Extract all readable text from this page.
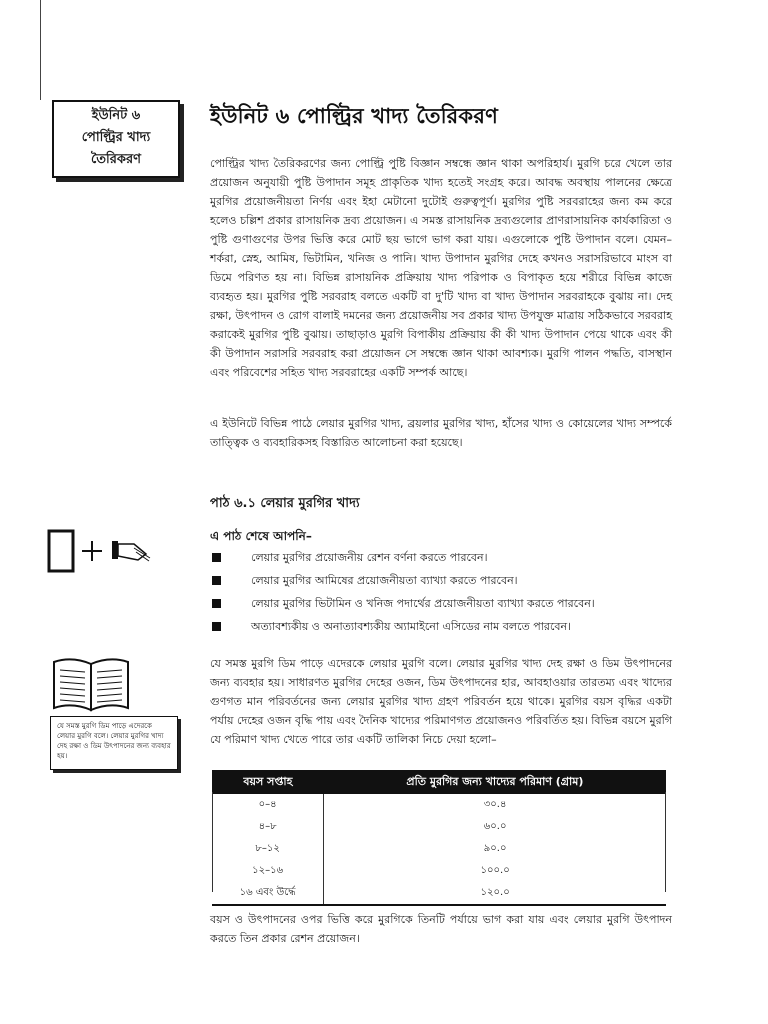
ইউনিট ৬
পোল্ট্রির খাদ্য
তৈরিকরণ
ইউনিট ৬ পোল্ট্রির খাদ্য তৈরিকরণ

পোল্ট্রির খাদ্য তৈরিকরণের জন্য পোল্ট্রি পুষ্টি বিজ্ঞান সম্বন্ধে জ্ঞান থাকা অপরিহার্য। মুরগি চরে খেলে তার প্রয়োজন অনুযায়ী পুষ্টি উপাদান সমূহ প্রাকৃতিক খাদ্য হতেই সংগ্রহ করে। আবদ্ধ অবস্থায় পালনের ক্ষেত্রে মুরগির প্রয়োজনীয়তা নির্ণয় এবং ইহা মেটানো দুটোই গুরুত্বপূর্ণ। মুরগির পুষ্টি সরবরাহের জন্য কম করে হলেও চল্লিশ প্রকার রাসায়নিক দ্রব্য প্রয়োজন। এ সমস্ত রাসায়নিক দ্রব্যগুলোর প্রাণরাসায়নিক কার্যকারিতা ও পুষ্টি গুণাগুণের উপর ভিত্তি করে মোট ছয় ভাগে ভাগ করা যায়। এগুলোকে পুষ্টি উপাদান বলে। যেমন– শর্করা, স্নেহ, আমিষ, ভিটামিন, খনিজ ও পানি। খাদ্য উপাদান মুরগির দেহে কখনও সরাসরিভাবে মাংস বা ডিমে পরিণত হয় না। বিভিন্ন রাসায়নিক প্রক্রিয়ায় খাদ্য পরিপাক ও বিপাকৃত হয়ে শরীরে বিভিন্ন কাজে ব্যবহৃত হয়। মুরগির পুষ্টি সরবরাহ বলতে একটি বা দু'টি খাদ্য বা খাদ্য উপাদান সরবরাহকে বুঝায় না। দেহ রক্ষা, উৎপাদন ও রোগ বালাই দমনের জন্য প্রয়োজনীয় সব প্রকার খাদ্য উপযুক্ত মাত্রায় সঠিকভাবে সরবরাহ করাকেই মুরগির পুষ্টি বুঝায়। তাছাড়াও মুরগি বিপাকীয় প্রক্রিয়ায় কী কী খাদ্য উপাদান পেয়ে থাকে এবং কী কী উপাদান সরাসরি সরবরাহ করা প্রয়োজন সে সম্বন্ধে জ্ঞান থাকা আবশ্যক। মুরগি পালন পদ্ধতি, বাসস্থান এবং পরিবেশের সহিত খাদ্য সরবরাহের একটি সম্পর্ক আছে।

এ ইউনিটে বিভিন্ন পাঠে লেয়ার মুরগির খাদ্য, ব্রয়লার মুরগির খাদ্য, হাঁসের খাদ্য ও কোয়েলের খাদ্য সম্পর্কে তাত্ত্বিক ও ব্যবহারিকসহ বিস্তারিত আলোচনা করা হয়েছে।

পাঠ ৬.১ লেয়ার মুরগির খাদ্য
এ পাঠ শেষে আপনি–
লেয়ার মুরগির প্রয়োজনীয় রেশন বর্ণনা করতে পারবেন।
লেয়ার মুরগির আমিষের প্রয়োজনীয়তা ব্যাখ্যা করতে পারবেন।
লেয়ার মুরগির ভিটামিন ও খনিজ পদার্থের প্রয়োজনীয়তা ব্যাখ্যা করতে পারবেন।
অত্যাবশ্যকীয় ও অনাত্যাবশ্যকীয় অ্যামাইনো এসিডের নাম বলতে পারবেন।
যে সমস্ত মুরগি ডিম পাড়ে এদেরকে লেয়ার মুরগি বলে। লেয়ার মুরগির খাদ্য দেহ রক্ষা ও ডিম উৎপাদনের জন্য ব্যবহার হয়।

যে সমস্ত মুরগি ডিম পাড়ে এদেরকে লেয়ার মুরগি বলে। লেয়ার মুরগির খাদ্য দেহ রক্ষা ও ডিম উৎপাদনের জন্য ব্যবহার হয়। সাধারণত মুরগির দেহের ওজন, ডিম উৎপাদনের হার, আবহাওয়ার তারতম্য এবং খাদ্যের গুণগত মান পরিবর্তনের জন্য লেয়ার মুরগির খাদ্য গ্রহণ পরিবর্তন হয়ে থাকে। মুরগির বয়স বৃদ্ধির একটা পর্যায় দেহের ওজন বৃদ্ধি পায় এবং দৈনিক খাদ্যের পরিমাণগত প্রয়োজনও পরিবর্তিত হয়। বিভিন্ন বয়সে মুরগি যে পরিমাণ খাদ্য খেতে পারে তার একটি তালিকা নিচে দেয়া হলো–

বয়স সপ্তাহ	প্রতি মুরগির জন্য খাদ্যের পরিমাণ (গ্রাম)
০–৪	৩০.৪
৪–৮	৬০.০
৮–১২	৯০.০
১২–১৬	১০০.০
১৬ এবং উর্দ্ধে	১২০.০

বয়স ও উৎপাদনের ওপর ভিত্তি করে মুরগিকে তিনটি পর্যায়ে ভাগ করা যায় এবং লেয়ার মুরগি উৎপাদন করতে তিন প্রকার রেশন প্রয়োজন।
